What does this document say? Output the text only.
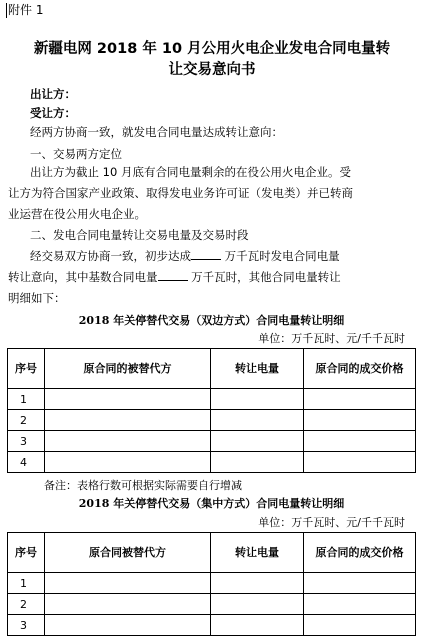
附件 1
新疆电网 2018 年 10 月公用火电企业发电合同电量转
让交易意向书
出让方：
受让方：
经两方协商一致，就发电合同电量达成转让意向：
一、交易两方定位
出让方为截止 10 月底有合同电量剩余的在役公用火电企业。受
让方为符合国家产业政策、取得发电业务许可证（发电类）并已转商
业运营在役公用火电企业。
二、发电合同电量转让交易电量及交易时段
经交易双方协商一致，初步达成	万千瓦时发电合同电量
转让意向，其中基数合同电量	万千瓦时，其他合同电量转让
明细如下：
2018 年关停替代交易（双边方式）合同电量转让明细
单位：万千瓦时、元/千千瓦时
序号	原合同的被替代方	转让电量	原合同的成交价格
1			
2			
3			
4			
备注：表格行数可根据实际需要自行增减
2018 年关停替代交易（集中方式）合同电量转让明细
单位：万千瓦时、元/千千瓦时
序号	原合同被替代方	转让电量	原合同的成交价格
1			
2			
3			
